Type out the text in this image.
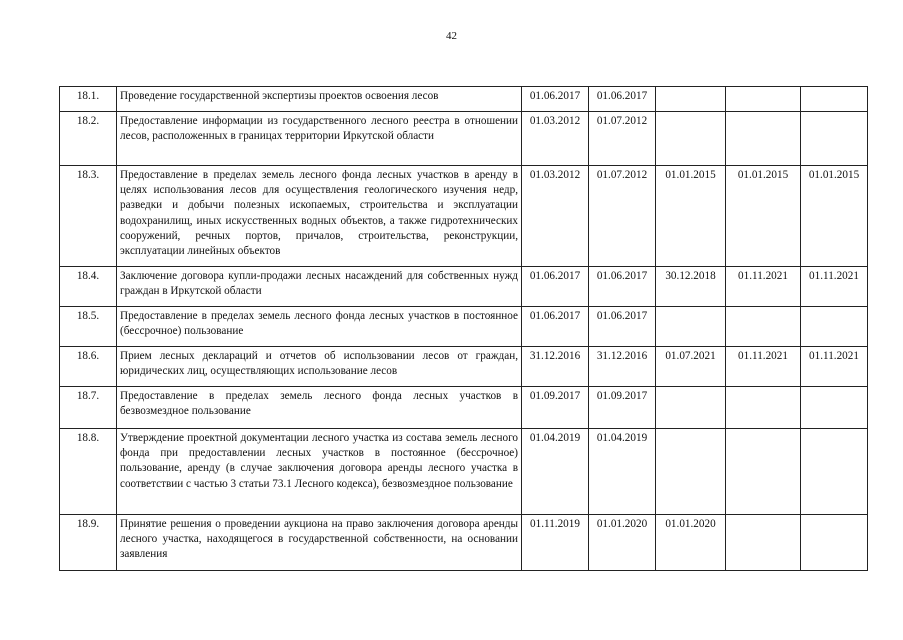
42
18.1.	Проведение государственной экспертизы проектов освоения лесов	01.06.2017	01.06.2017			
18.2.	Предоставление информации из государственного лесного реестра в отношении лесов, расположенных в границах территории Иркутской области	01.03.2012	01.07.2012			
18.3.	Предоставление в пределах земель лесного фонда лесных участков в аренду в целях использования лесов для осуществления геологического изучения недр, разведки и добычи полезных ископаемых, строительства и эксплуатации водохранилищ, иных искусственных водных объектов, а также гидротехнических сооружений, речных портов, причалов, строительства, реконструкции, эксплуатации линейных объектов	01.03.2012	01.07.2012	01.01.2015	01.01.2015	01.01.2015
18.4.	Заключение договора купли-продажи лесных насаждений для собственных нужд граждан в Иркутской области	01.06.2017	01.06.2017	30.12.2018	01.11.2021	01.11.2021
18.5.	Предоставление в пределах земель лесного фонда лесных участков в постоянное (бессрочное) пользование	01.06.2017	01.06.2017			
18.6.	Прием лесных деклараций и отчетов об использовании лесов от граждан, юридических лиц, осуществляющих использование лесов	31.12.2016	31.12.2016	01.07.2021	01.11.2021	01.11.2021
18.7.	Предоставление в пределах земель лесного фонда лесных участков в безвозмездное пользование	01.09.2017	01.09.2017			
18.8.	Утверждение проектной документации лесного участка из состава земель лесного фонда при предоставлении лесных участков в постоянное (бессрочное) пользование, аренду (в случае заключения договора аренды лесного участка в соответствии с частью 3 статьи 73.1 Лесного кодекса), безвозмездное пользование	01.04.2019	01.04.2019			
18.9.	Принятие решения о проведении аукциона на право заключения договора аренды лесного участка, находящегося в государственной собственности, на основании заявления	01.11.2019	01.01.2020	01.01.2020		
